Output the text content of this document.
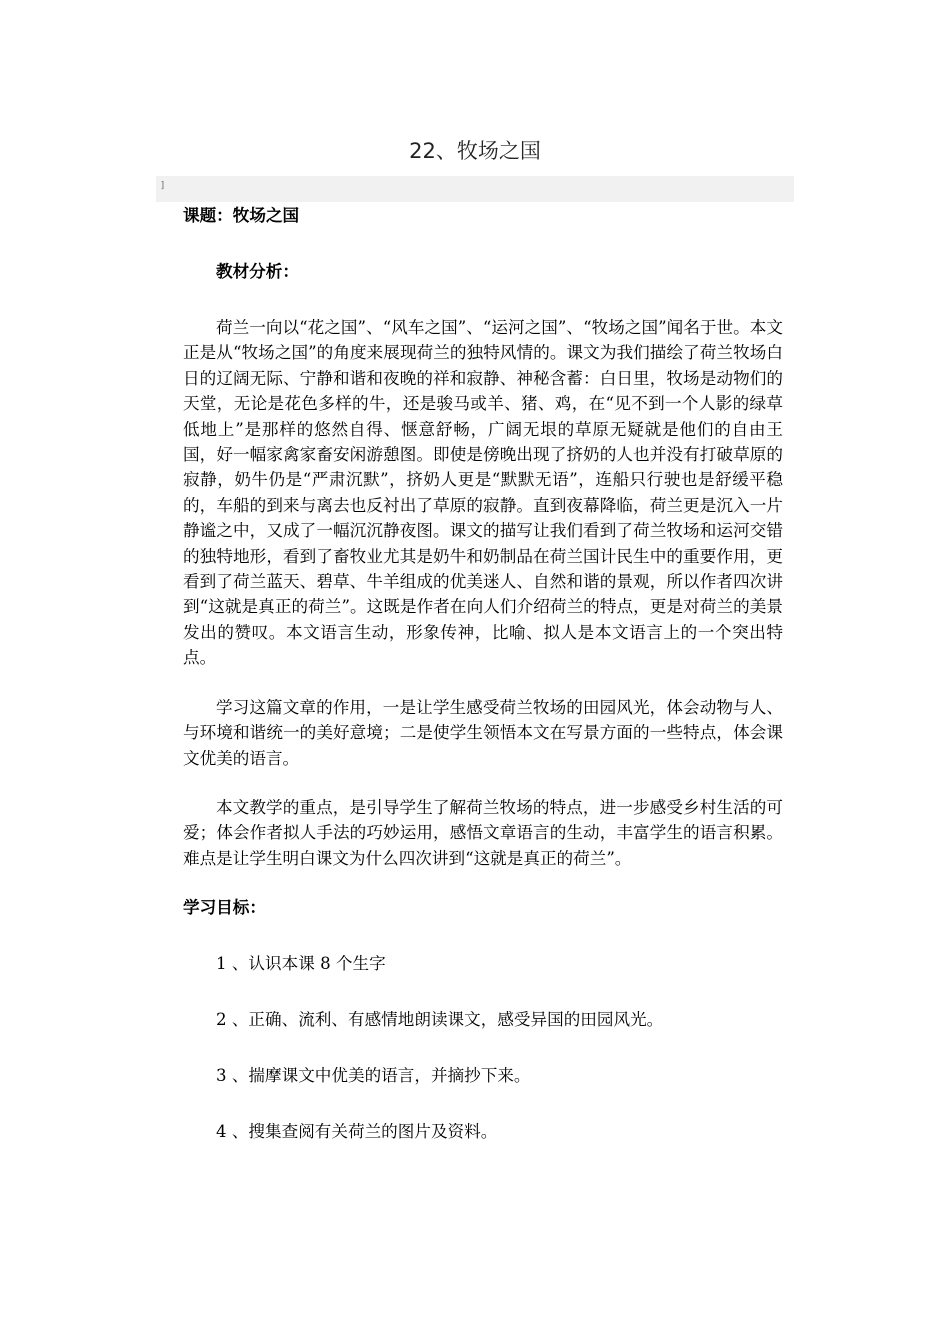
22、牧场之国
]

课题：牧场之国

教材分析：

荷兰一向以“花之国”、“风车之国”、“运河之国”、“牧场之国”闻名于世。本文正是从“牧场之国”的角度来展现荷兰的独特风情的。课文为我们描绘了荷兰牧场白日的辽阔无际、宁静和谐和夜晚的祥和寂静、神秘含蓄：白日里，牧场是动物们的天堂，无论是花色多样的牛，还是骏马或羊、猪、鸡，在“见不到一个人影的绿草低地上”是那样的悠然自得、惬意舒畅，广阔无垠的草原无疑就是他们的自由王国，好一幅家禽家畜安闲游憩图。即使是傍晚出现了挤奶的人也并没有打破草原的寂静，奶牛仍是“严肃沉默”，挤奶人更是“默默无语”，连船只行驶也是舒缓平稳的，车船的到来与离去也反衬出了草原的寂静。直到夜幕降临，荷兰更是沉入一片静谧之中，又成了一幅沉沉静夜图。课文的描写让我们看到了荷兰牧场和运河交错的独特地形，看到了畜牧业尤其是奶牛和奶制品在荷兰国计民生中的重要作用，更看到了荷兰蓝天、碧草、牛羊组成的优美迷人、自然和谐的景观，所以作者四次讲到“这就是真正的荷兰”。这既是作者在向人们介绍荷兰的特点，更是对荷兰的美景发出的赞叹。本文语言生动，形象传神，比喻、拟人是本文语言上的一个突出特点。

学习这篇文章的作用，一是让学生感受荷兰牧场的田园风光，体会动物与人、与环境和谐统一的美好意境；二是使学生领悟本文在写景方面的一些特点，体会课文优美的语言。

本文教学的重点，是引导学生了解荷兰牧场的特点，进一步感受乡村生活的可爱；体会作者拟人手法的巧妙运用，感悟文章语言的生动，丰富学生的语言积累。难点是让学生明白课文为什么四次讲到“这就是真正的荷兰”。

学习目标：

1 、认识本课 8 个生字

2 、正确、流利、有感情地朗读课文，感受异国的田园风光。

3 、揣摩课文中优美的语言，并摘抄下来。

4 、搜集查阅有关荷兰的图片及资料。
